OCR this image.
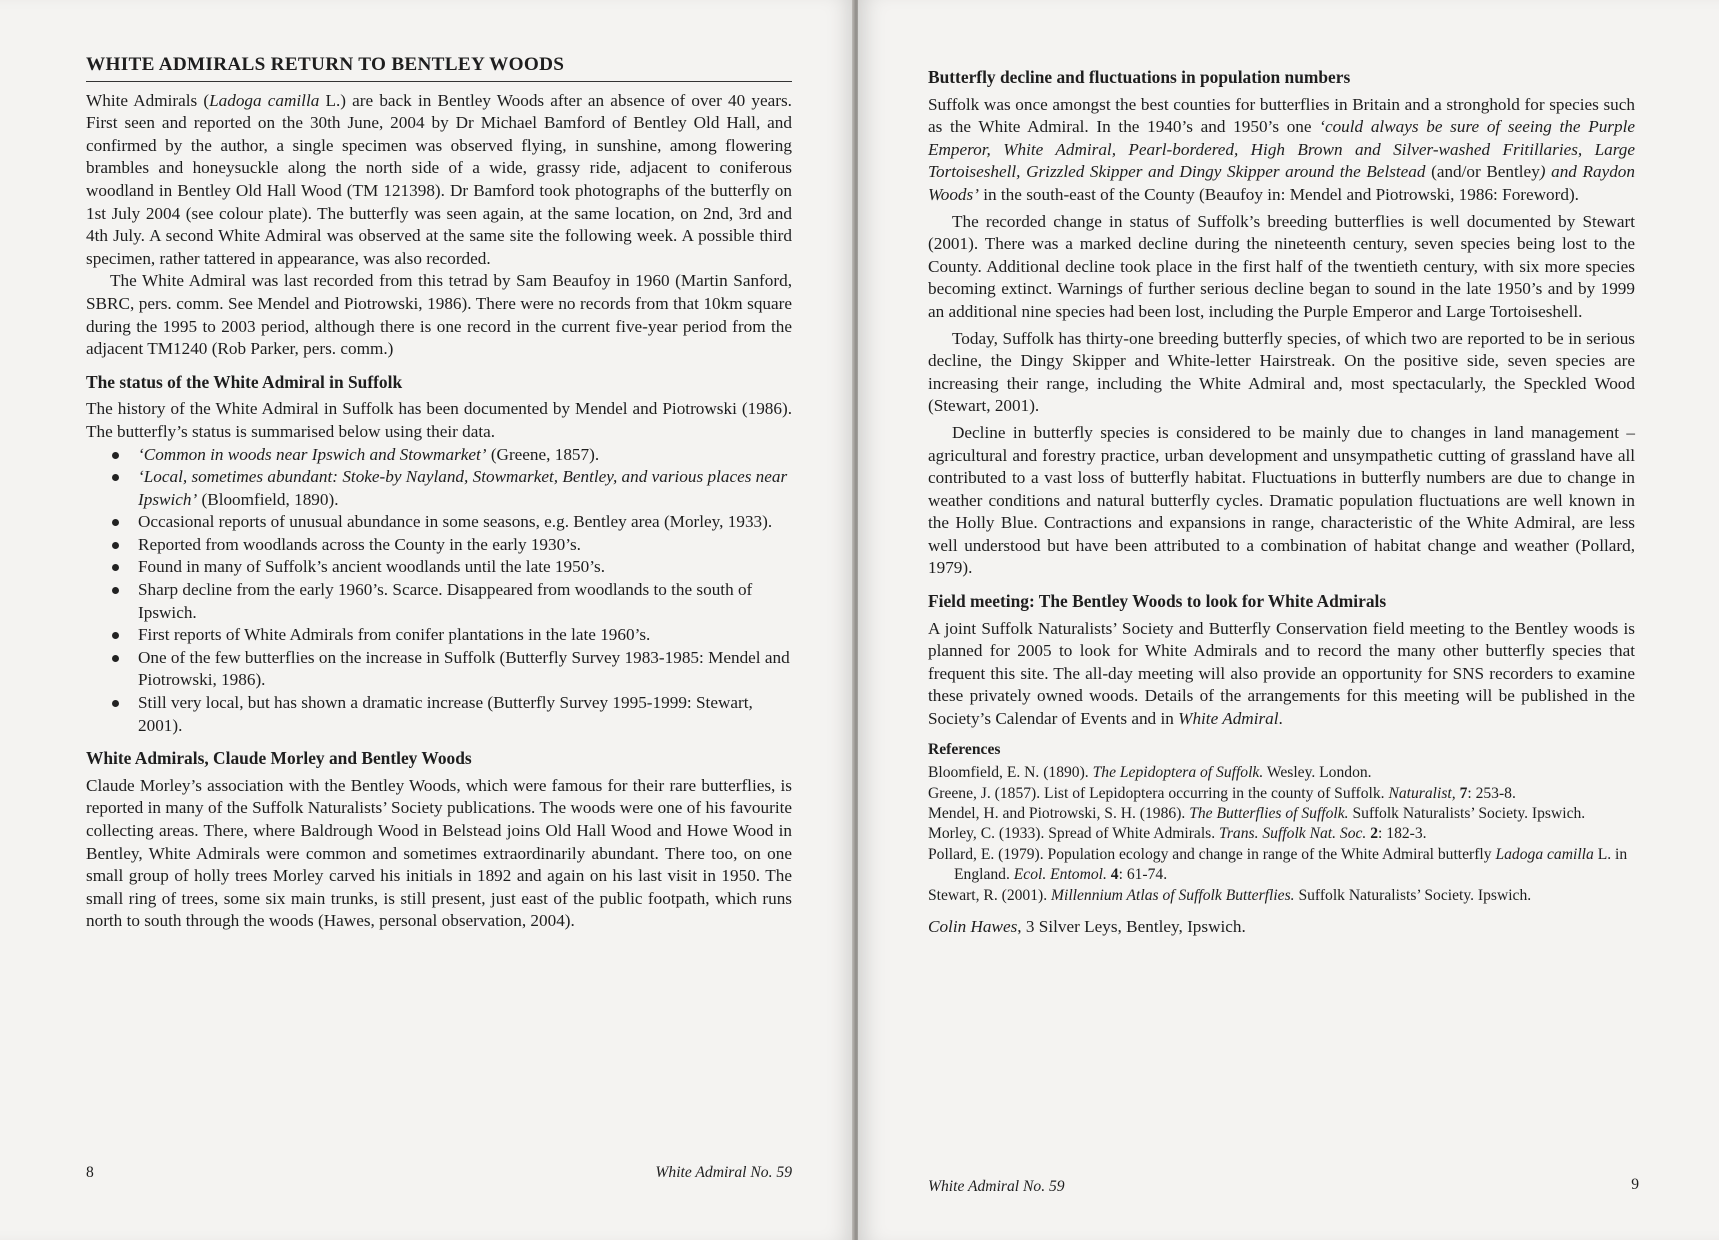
WHITE ADMIRALS RETURN TO BENTLEY WOODS

White Admirals (Ladoga camilla L.) are back in Bentley Woods after an absence of over 40 years. First seen and reported on the 30th June, 2004 by Dr Michael Bamford of Bentley Old Hall, and confirmed by the author, a single specimen was observed flying, in sunshine, among flowering brambles and honeysuckle along the north side of a wide, grassy ride, adjacent to coniferous woodland in Bentley Old Hall Wood (TM 121398). Dr Bamford took photographs of the butterfly on 1st July 2004 (see colour plate). The butterfly was seen again, at the same location, on 2nd, 3rd and 4th July. A second White Admiral was observed at the same site the following week. A possible third specimen, rather tattered in appearance, was also recorded.

The White Admiral was last recorded from this tetrad by Sam Beaufoy in 1960 (Martin Sanford, SBRC, pers. comm. See Mendel and Piotrowski, 1986). There were no records from that 10km square during the 1995 to 2003 period, although there is one record in the current five-year period from the adjacent TM1240 (Rob Parker, pers. comm.)

The status of the White Admiral in Suffolk

The history of the White Admiral in Suffolk has been documented by Mendel and Piotrowski (1986). The butterfly’s status is summarised below using their data.

‘Common in woods near Ipswich and Stowmarket’ (Greene, 1857).
‘Local, sometimes abundant: Stoke-by Nayland, Stowmarket, Bentley, and various places near Ipswich’ (Bloomfield, 1890).
Occasional reports of unusual abundance in some seasons, e.g. Bentley area (Morley, 1933).
Reported from woodlands across the County in the early 1930’s.
Found in many of Suffolk’s ancient woodlands until the late 1950’s.
Sharp decline from the early 1960’s. Scarce. Disappeared from woodlands to the south of Ipswich.
First reports of White Admirals from conifer plantations in the late 1960’s.
One of the few butterflies on the increase in Suffolk (Butterfly Survey 1983-1985: Mendel and Piotrowski, 1986).
Still very local, but has shown a dramatic increase (Butterfly Survey 1995-1999: Stewart, 2001).
White Admirals, Claude Morley and Bentley Woods

Claude Morley’s association with the Bentley Woods, which were famous for their rare butterflies, is reported in many of the Suffolk Naturalists’ Society publications. The woods were one of his favourite collecting areas. There, where Baldrough Wood in Belstead joins Old Hall Wood and Howe Wood in Bentley, White Admirals were common and sometimes extraordinarily abundant. There too, on one small group of holly trees Morley carved his initials in 1892 and again on his last visit in 1950. The small ring of trees, some six main trunks, is still present, just east of the public footpath, which runs north to south through the woods (Hawes, personal observation, 2004).

8	White Admiral No. 59
Butterfly decline and fluctuations in population numbers

Suffolk was once amongst the best counties for butterflies in Britain and a stronghold for species such as the White Admiral. In the 1940’s and 1950’s one ‘could always be sure of seeing the Purple Emperor, White Admiral, Pearl-bordered, High Brown and Silver-washed Fritillaries, Large Tortoiseshell, Grizzled Skipper and Dingy Skipper around the Belstead (and/or Bentley) and Raydon Woods’ in the south-east of the County (Beaufoy in: Mendel and Piotrowski, 1986: Foreword).

The recorded change in status of Suffolk’s breeding butterflies is well documented by Stewart (2001). There was a marked decline during the nineteenth century, seven species being lost to the County. Additional decline took place in the first half of the twentieth century, with six more species becoming extinct. Warnings of further serious decline began to sound in the late 1950’s and by 1999 an additional nine species had been lost, including the Purple Emperor and Large Tortoiseshell.

Today, Suffolk has thirty-one breeding butterfly species, of which two are reported to be in serious decline, the Dingy Skipper and White-letter Hairstreak. On the positive side, seven species are increasing their range, including the White Admiral and, most spectacularly, the Speckled Wood (Stewart, 2001).

Decline in butterfly species is considered to be mainly due to changes in land management – agricultural and forestry practice, urban development and unsympathetic cutting of grassland have all contributed to a vast loss of butterfly habitat. Fluctuations in butterfly numbers are due to change in weather conditions and natural butterfly cycles. Dramatic population fluctuations are well known in the Holly Blue. Contractions and expansions in range, characteristic of the White Admiral, are less well understood but have been attributed to a combination of habitat change and weather (Pollard, 1979).

Field meeting: The Bentley Woods to look for White Admirals

A joint Suffolk Naturalists’ Society and Butterfly Conservation field meeting to the Bentley woods is planned for 2005 to look for White Admirals and to record the many other butterfly species that frequent this site. The all-day meeting will also provide an opportunity for SNS recorders to examine these privately owned woods. Details of the arrangements for this meeting will be published in the Society’s Calendar of Events and in White Admiral.

References

Bloomfield, E. N. (1890). The Lepidoptera of Suffolk. Wesley. London.

Greene, J. (1857). List of Lepidoptera occurring in the county of Suffolk. Naturalist, 7: 253-8.

Mendel, H. and Piotrowski, S. H. (1986). The Butterflies of Suffolk. Suffolk Naturalists’ Society. Ipswich.

Morley, C. (1933). Spread of White Admirals. Trans. Suffolk Nat. Soc. 2: 182-3.

Pollard, E. (1979). Population ecology and change in range of the White Admiral butterfly Ladoga camilla L. in England. Ecol. Entomol. 4: 61-74.

Stewart, R. (2001). Millennium Atlas of Suffolk Butterflies. Suffolk Naturalists’ Society. Ipswich.

Colin Hawes, 3 Silver Leys, Bentley, Ipswich.
White Admiral No. 59	9
